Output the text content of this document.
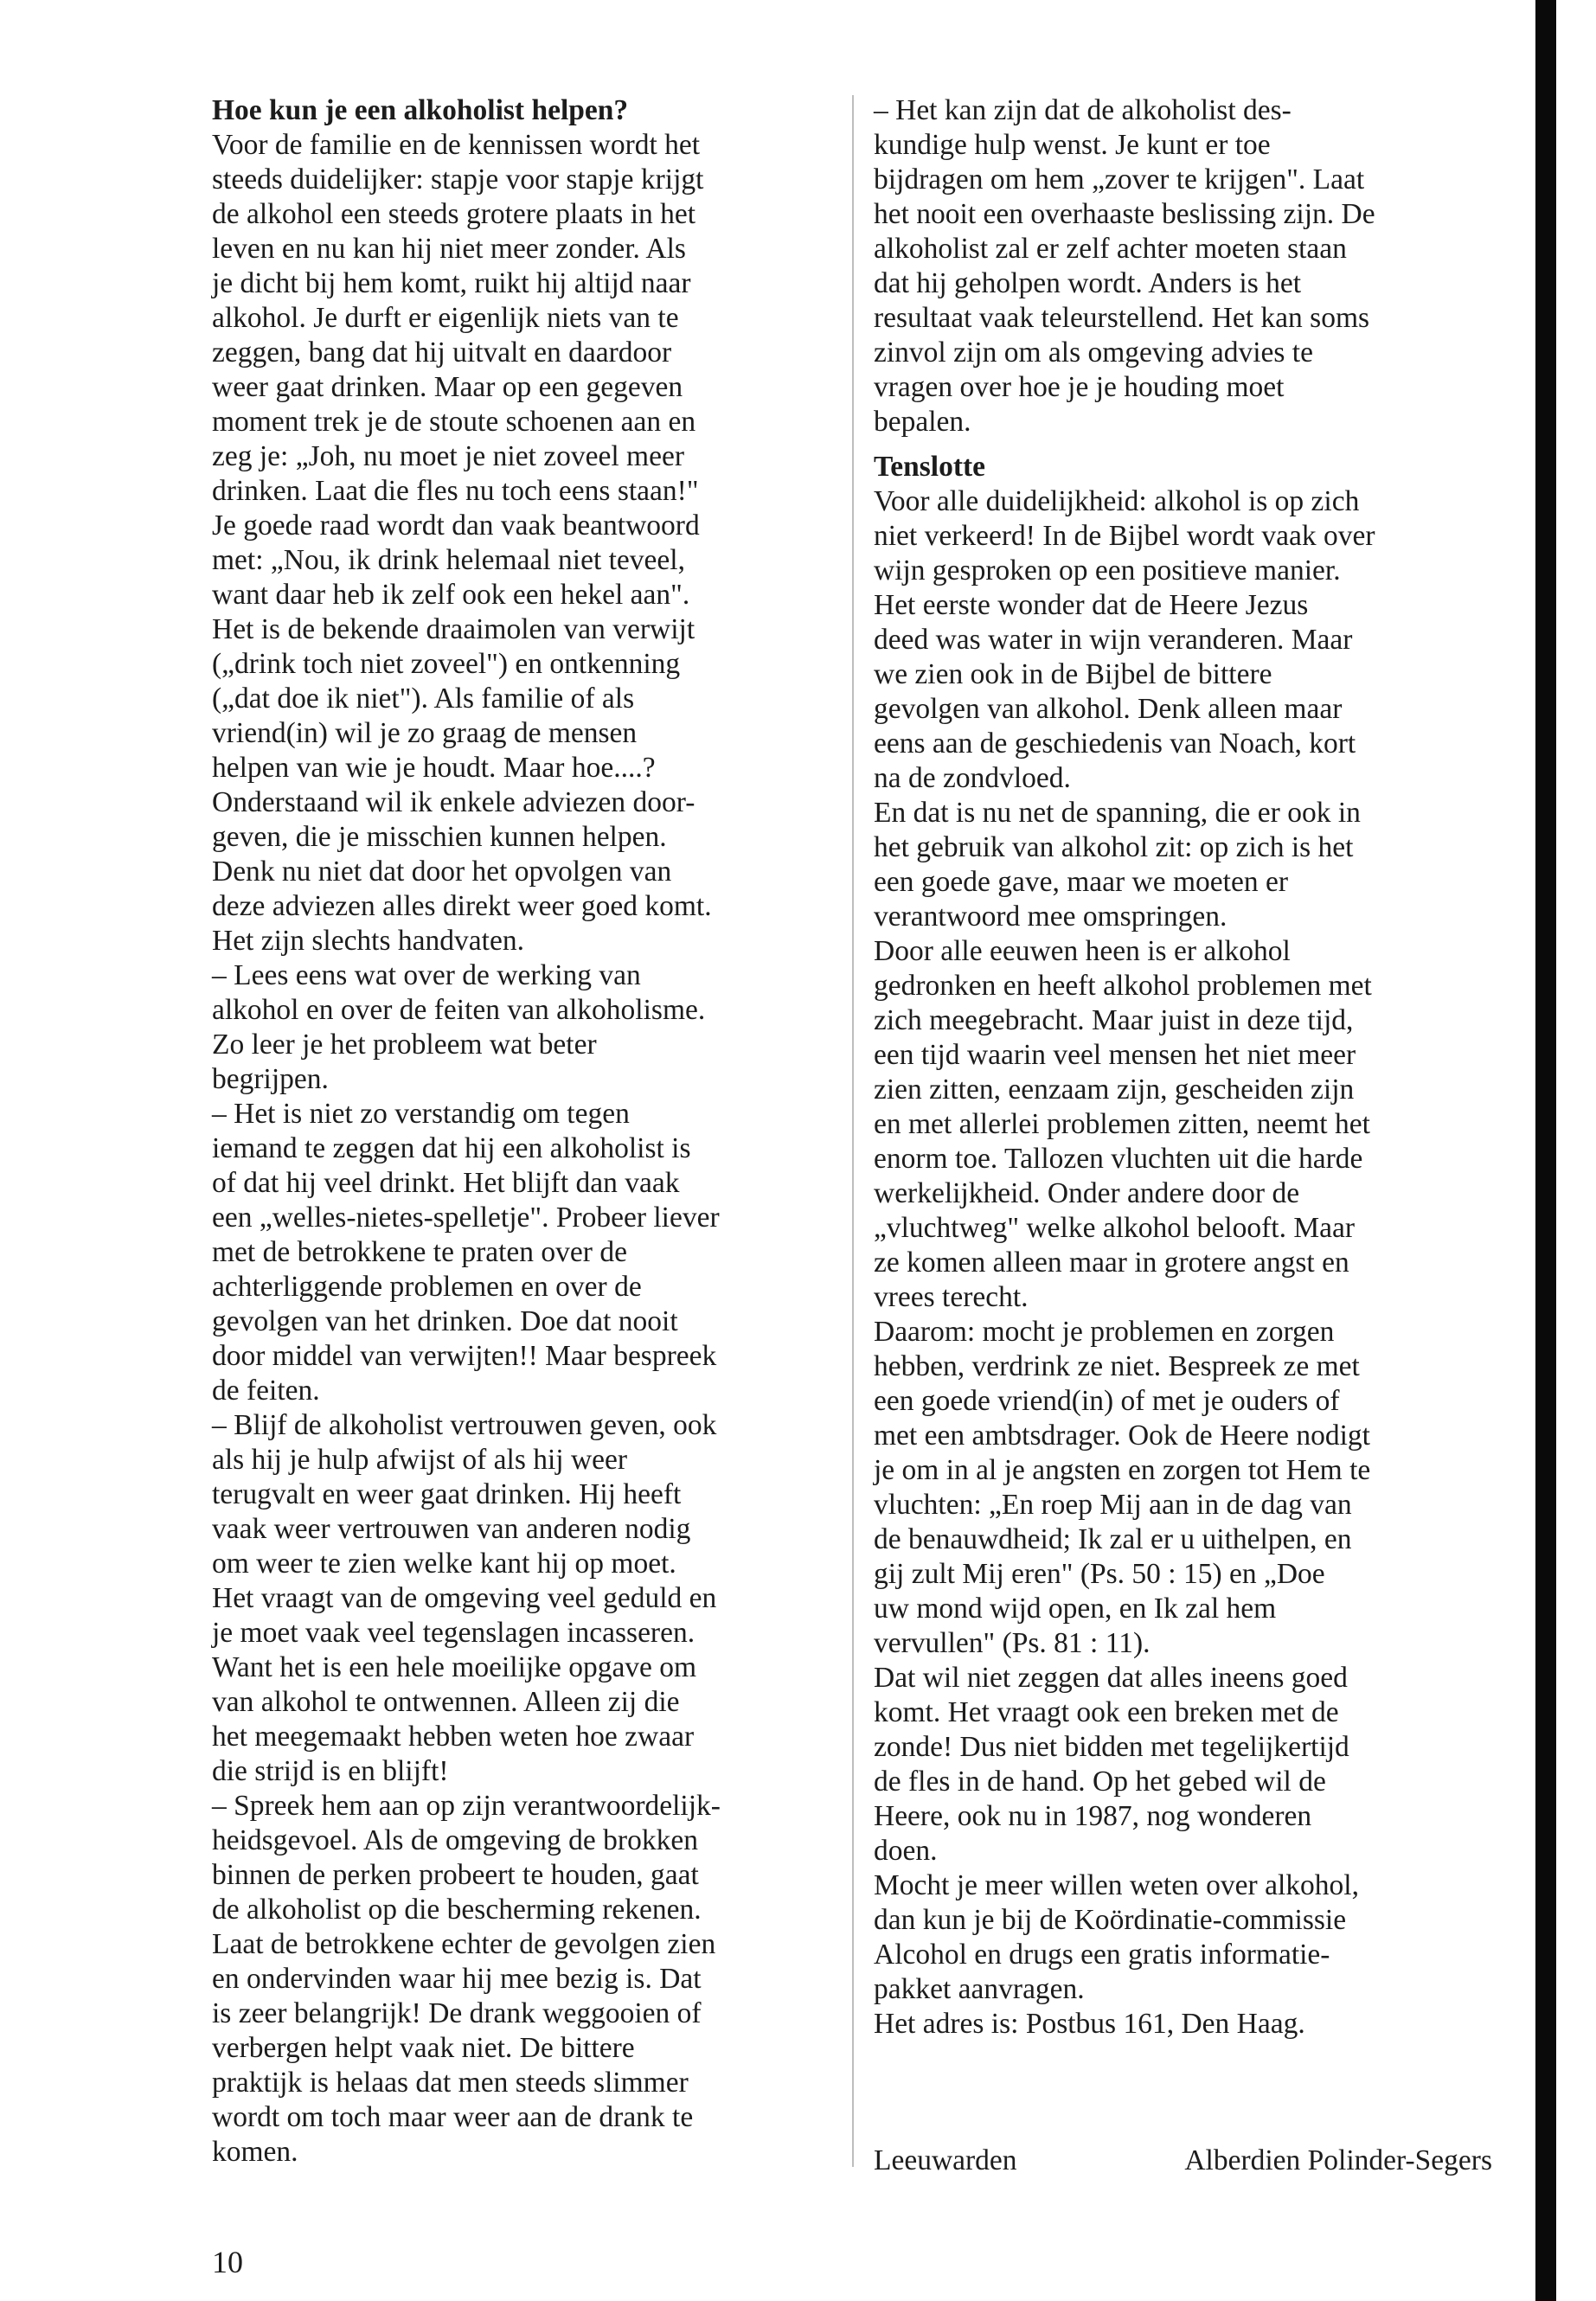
Hoe kun je een alkoholist helpen?
Voor de familie en de kennissen wordt het
steeds duidelijker: stapje voor stapje krijgt
de alkohol een steeds grotere plaats in het
leven en nu kan hij niet meer zonder. Als
je dicht bij hem komt, ruikt hij altijd naar
alkohol. Je durft er eigenlijk niets van te
zeggen, bang dat hij uitvalt en daardoor
weer gaat drinken. Maar op een gegeven
moment trek je de stoute schoenen aan en
zeg je: „Joh, nu moet je niet zoveel meer
drinken. Laat die fles nu toch eens staan!"
Je goede raad wordt dan vaak beantwoord
met: „Nou, ik drink helemaal niet teveel,
want daar heb ik zelf ook een hekel aan".
Het is de bekende draaimolen van verwijt
(„drink toch niet zoveel") en ontkenning
(„dat doe ik niet"). Als familie of als
vriend(in) wil je zo graag de mensen
helpen van wie je houdt. Maar hoe....?
Onderstaand wil ik enkele adviezen door-
geven, die je misschien kunnen helpen.
Denk nu niet dat door het opvolgen van
deze adviezen alles direkt weer goed komt.
Het zijn slechts handvaten.
– Lees eens wat over de werking van
alkohol en over de feiten van alkoholisme.
Zo leer je het probleem wat beter
begrijpen.
– Het is niet zo verstandig om tegen
iemand te zeggen dat hij een alkoholist is
of dat hij veel drinkt. Het blijft dan vaak
een „welles-nietes-spelletje". Probeer liever
met de betrokkene te praten over de
achterliggende problemen en over de
gevolgen van het drinken. Doe dat nooit
door middel van verwijten!! Maar bespreek
de feiten.
– Blijf de alkoholist vertrouwen geven, ook
als hij je hulp afwijst of als hij weer
terugvalt en weer gaat drinken. Hij heeft
vaak weer vertrouwen van anderen nodig
om weer te zien welke kant hij op moet.
Het vraagt van de omgeving veel geduld en
je moet vaak veel tegenslagen incasseren.
Want het is een hele moeilijke opgave om
van alkohol te ontwennen. Alleen zij die
het meegemaakt hebben weten hoe zwaar
die strijd is en blijft!
– Spreek hem aan op zijn verantwoordelijk-
heidsgevoel. Als de omgeving de brokken
binnen de perken probeert te houden, gaat
de alkoholist op die bescherming rekenen.
Laat de betrokkene echter de gevolgen zien
en ondervinden waar hij mee bezig is. Dat
is zeer belangrijk! De drank weggooien of
verbergen helpt vaak niet. De bittere
praktijk is helaas dat men steeds slimmer
wordt om toch maar weer aan de drank te
komen.
– Het kan zijn dat de alkoholist des-
kundige hulp wenst. Je kunt er toe
bijdragen om hem „zover te krijgen". Laat
het nooit een overhaaste beslissing zijn. De
alkoholist zal er zelf achter moeten staan
dat hij geholpen wordt. Anders is het
resultaat vaak teleurstellend. Het kan soms
zinvol zijn om als omgeving advies te
vragen over hoe je je houding moet
bepalen.
Tenslotte
Voor alle duidelijkheid: alkohol is op zich
niet verkeerd! In de Bijbel wordt vaak over
wijn gesproken op een positieve manier.
Het eerste wonder dat de Heere Jezus
deed was water in wijn veranderen. Maar
we zien ook in de Bijbel de bittere
gevolgen van alkohol. Denk alleen maar
eens aan de geschiedenis van Noach, kort
na de zondvloed.
En dat is nu net de spanning, die er ook in
het gebruik van alkohol zit: op zich is het
een goede gave, maar we moeten er
verantwoord mee omspringen.
Door alle eeuwen heen is er alkohol
gedronken en heeft alkohol problemen met
zich meegebracht. Maar juist in deze tijd,
een tijd waarin veel mensen het niet meer
zien zitten, eenzaam zijn, gescheiden zijn
en met allerlei problemen zitten, neemt het
enorm toe. Tallozen vluchten uit die harde
werkelijkheid. Onder andere door de
„vluchtweg" welke alkohol belooft. Maar
ze komen alleen maar in grotere angst en
vrees terecht.
Daarom: mocht je problemen en zorgen
hebben, verdrink ze niet. Bespreek ze met
een goede vriend(in) of met je ouders of
met een ambtsdrager. Ook de Heere nodigt
je om in al je angsten en zorgen tot Hem te
vluchten: „En roep Mij aan in de dag van
de benauwdheid; Ik zal er u uithelpen, en
gij zult Mij eren" (Ps. 50 : 15) en „Doe
uw mond wijd open, en Ik zal hem
vervullen" (Ps. 81 : 11).
Dat wil niet zeggen dat alles ineens goed
komt. Het vraagt ook een breken met de
zonde! Dus niet bidden met tegelijkertijd
de fles in de hand. Op het gebed wil de
Heere, ook nu in 1987, nog wonderen
doen.
Mocht je meer willen weten over alkohol,
dan kun je bij de Koördinatie-commissie
Alcohol en drugs een gratis informatie-
pakket aanvragen.
Het adres is: Postbus 161, Den Haag.
Leeuwarden	Alberdien Polinder-Segers
10
